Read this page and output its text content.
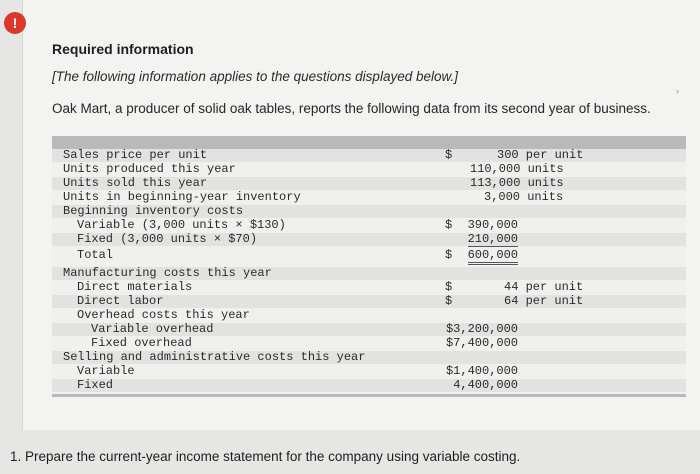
!
Required information
[The following information applies to the questions displayed below.]
Oak Mart, a producer of solid oak tables, reports the following data from its second year of business.
›
Sales price per unit	$	300 per unit
Units produced this year	110,000 units
Units sold this year	113,000 units
Units in beginning-year inventory	3,000 units
Beginning inventory costs
Variable (3,000 units × $130)	$ 390,000
Fixed (3,000 units × $70)	210,000
Total	$ 600,000
Manufacturing costs this year
Direct materials	$	44 per unit
Direct labor	$	64 per unit
Overhead costs this year
Variable overhead	$3,200,000
Fixed overhead	$7,400,000
Selling and administrative costs this year
Variable	$1,400,000
Fixed	4,400,000
1. Prepare the current-year income statement for the company using variable costing.
